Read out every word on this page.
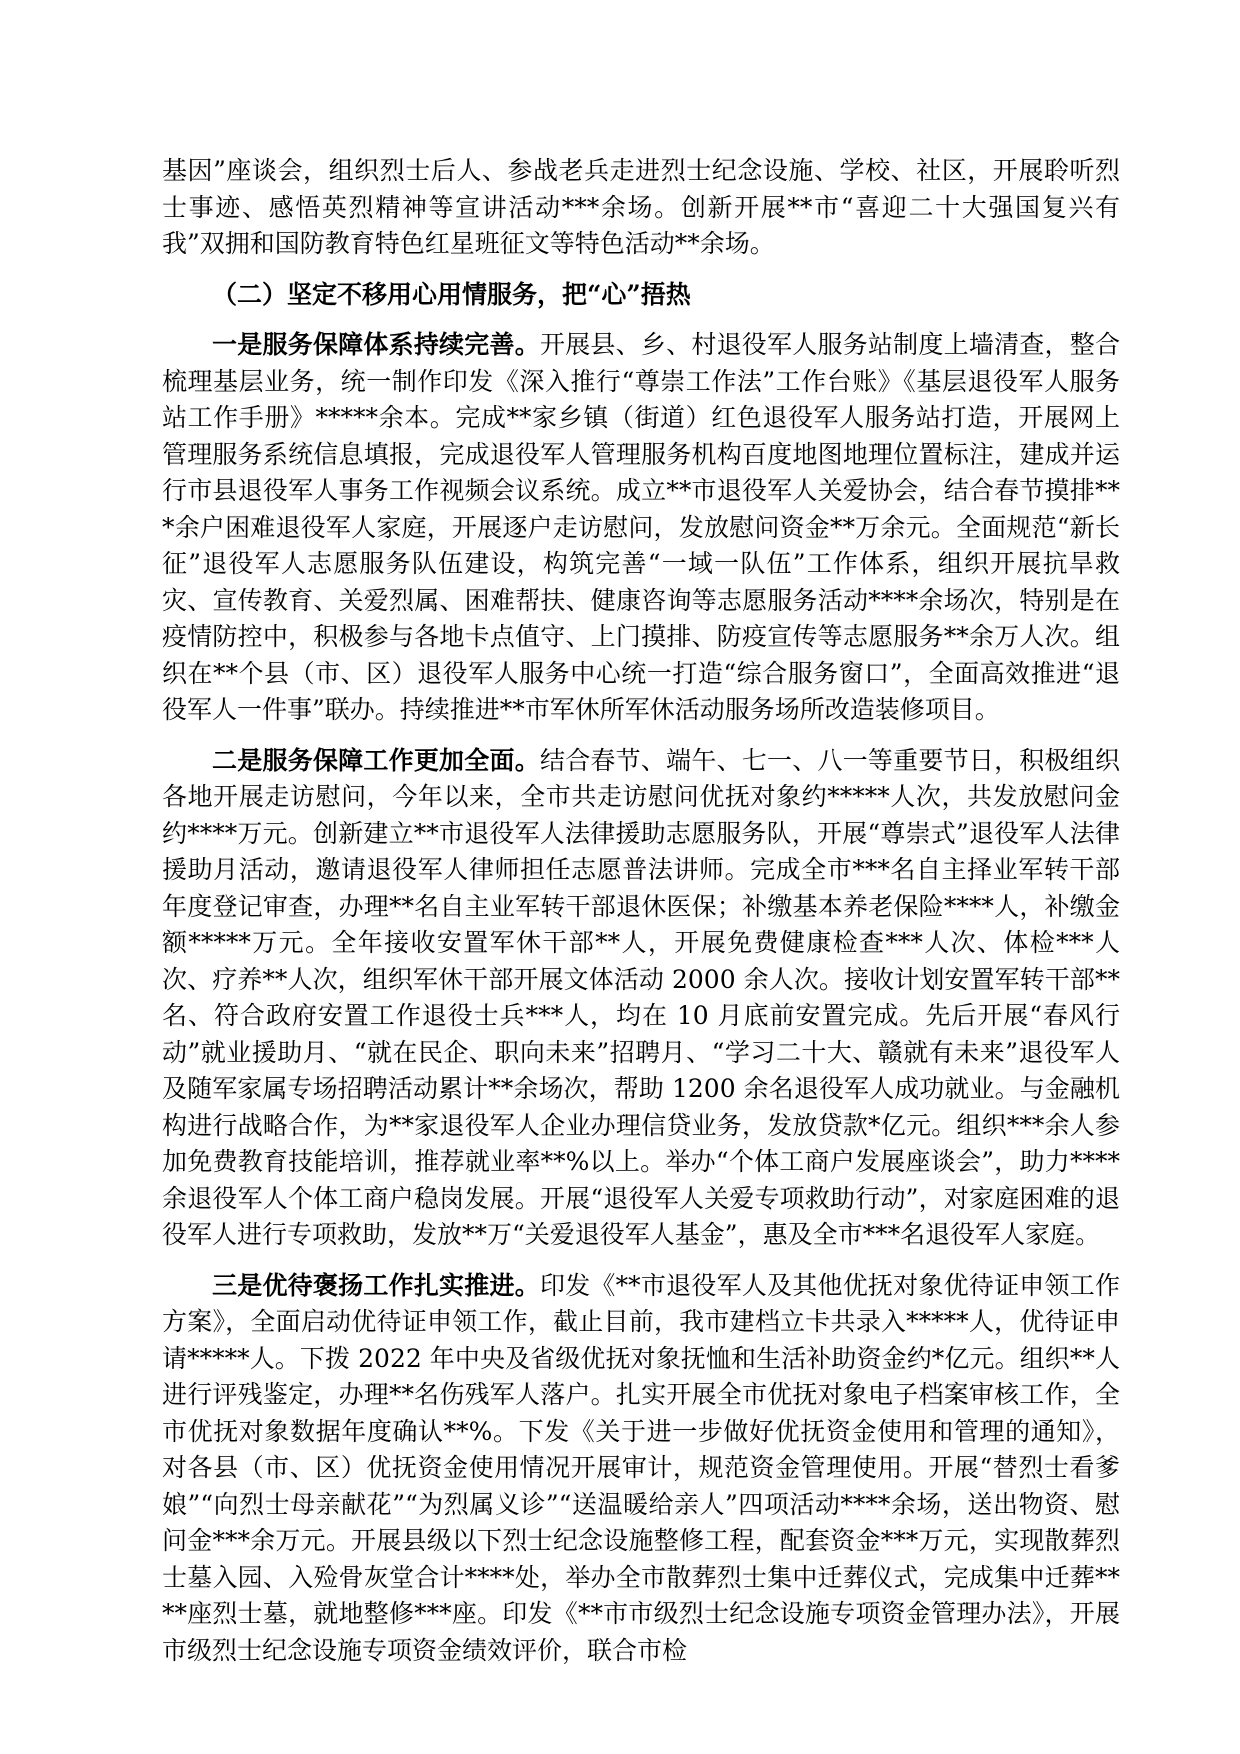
基因”座谈会，组织烈士后人、参战老兵走进烈士纪念设施、学校、社区，开展聆听烈士事迹、感悟英烈精神等宣讲活动***余场。创新开展**市“喜迎二十大强国复兴有我”双拥和国防教育特色红星班征文等特色活动**余场。

（二）坚定不移用心用情服务，把“心”捂热

一是服务保障体系持续完善。开展县、乡、村退役军人服务站制度上墙清查，整合梳理基层业务，统一制作印发《深入推行“尊崇工作法”工作台账》《基层退役军人服务站工作手册》*****余本。完成**家乡镇（街道）红色退役军人服务站打造，开展网上管理服务系统信息填报，完成退役军人管理服务机构百度地图地理位置标注，建成并运行市县退役军人事务工作视频会议系统。成立**市退役军人关爱协会，结合春节摸排***余户困难退役军人家庭，开展逐户走访慰问，发放慰问资金**万余元。全面规范“新长征”退役军人志愿服务队伍建设，构筑完善“一域一队伍”工作体系，组织开展抗旱救灾、宣传教育、关爱烈属、困难帮扶、健康咨询等志愿服务活动****余场次，特别是在疫情防控中，积极参与各地卡点值守、上门摸排、防疫宣传等志愿服务**余万人次。组织在**个县（市、区）退役军人服务中心统一打造“综合服务窗口”，全面高效推进“退役军人一件事”联办。持续推进**市军休所军休活动服务场所改造装修项目。

二是服务保障工作更加全面。结合春节、端午、七一、八一等重要节日，积极组织各地开展走访慰问，今年以来，全市共走访慰问优抚对象约*****人次，共发放慰问金约****万元。创新建立**市退役军人法律援助志愿服务队，开展“尊崇式”退役军人法律援助月活动，邀请退役军人律师担任志愿普法讲师。完成全市***名自主择业军转干部年度登记审查，办理**名自主业军转干部退休医保；补缴基本养老保险****人，补缴金额*****万元。全年接收安置军休干部**人，开展免费健康检查***人次、体检***人次、疗养**人次，组织军休干部开展文体活动 2000 余人次。接收计划安置军转干部**名、符合政府安置工作退役士兵***人，均在 10 月底前安置完成。先后开展“春风行动”就业援助月、“就在民企、职向未来”招聘月、“学习二十大、赣就有未来”退役军人及随军家属专场招聘活动累计**余场次，帮助 1200 余名退役军人成功就业。与金融机构进行战略合作，为**家退役军人企业办理信贷业务，发放贷款*亿元。组织***余人参加免费教育技能培训，推荐就业率**%以上。举办“个体工商户发展座谈会”，助力****余退役军人个体工商户稳岗发展。开展“退役军人关爱专项救助行动”，对家庭困难的退役军人进行专项救助，发放**万“关爱退役军人基金”，惠及全市***名退役军人家庭。

三是优待褒扬工作扎实推进。印发《**市退役军人及其他优抚对象优待证申领工作方案》，全面启动优待证申领工作，截止目前，我市建档立卡共录入*****人，优待证申请*****人。下拨 2022 年中央及省级优抚对象抚恤和生活补助资金约*亿元。组织**人进行评残鉴定，办理**名伤残军人落户。扎实开展全市优抚对象电子档案审核工作，全市优抚对象数据年度确认**%。下发《关于进一步做好优抚资金使用和管理的通知》，对各县（市、区）优抚资金使用情况开展审计，规范资金管理使用。开展“替烈士看爹娘”“向烈士母亲献花”“为烈属义诊”“送温暖给亲人”四项活动****余场，送出物资、慰问金***余万元。开展县级以下烈士纪念设施整修工程，配套资金***万元，实现散葬烈士墓入园、入殓骨灰堂合计****处，举办全市散葬烈士集中迁葬仪式，完成集中迁葬****座烈士墓，就地整修***座。印发《**市市级烈士纪念设施专项资金管理办法》，开展市级烈士纪念设施专项资金绩效评价，联合市检
